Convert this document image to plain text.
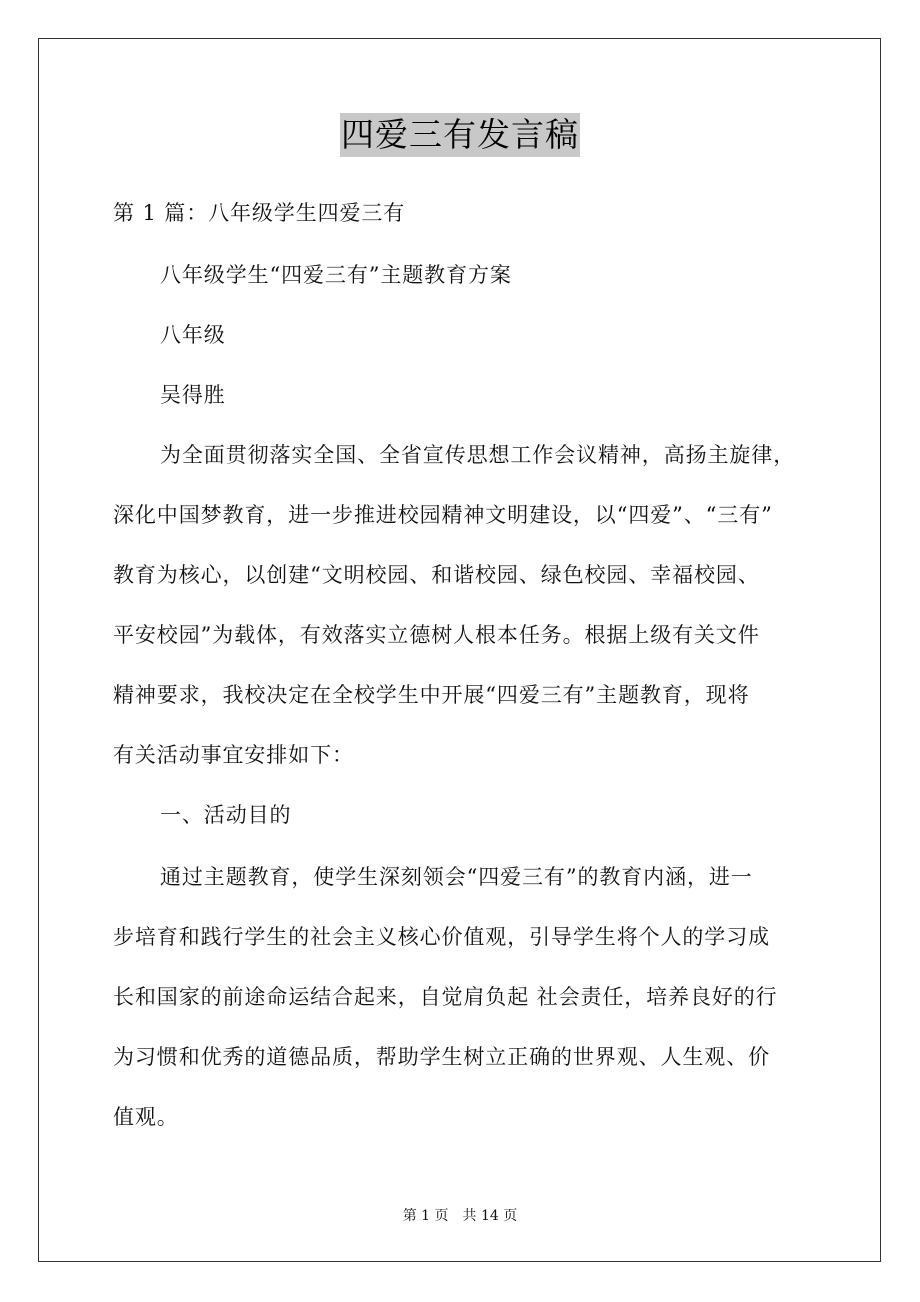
四爱三有发言稿
第 1 篇：八年级学生四爱三有
八年级学生“四爱三有”主题教育方案
八年级
吴得胜
为全面贯彻落实全国、全省宣传思想工作会议精神，高扬主旋律，
深化中国梦教育，进一步推进校园精神文明建设，以“四爱”、“三有”
教育为核心，以创建“文明校园、和谐校园、绿色校园、幸福校园、
平安校园”为载体，有效落实立德树人根本任务。根据上级有关文件
精神要求，我校决定在全校学生中开展“四爱三有”主题教育，现将
有关活动事宜安排如下：
一、活动目的
通过主题教育，使学生深刻领会“四爱三有”的教育内涵，进一
步培育和践行学生的社会主义核心价值观，引导学生将个人的学习成
长和国家的前途命运结合起来，自觉肩负起 社会责任，培养良好的行
为习惯和优秀的道德品质，帮助学生树立正确的世界观、人生观、价
值观。
第 1 页　共 14 页
